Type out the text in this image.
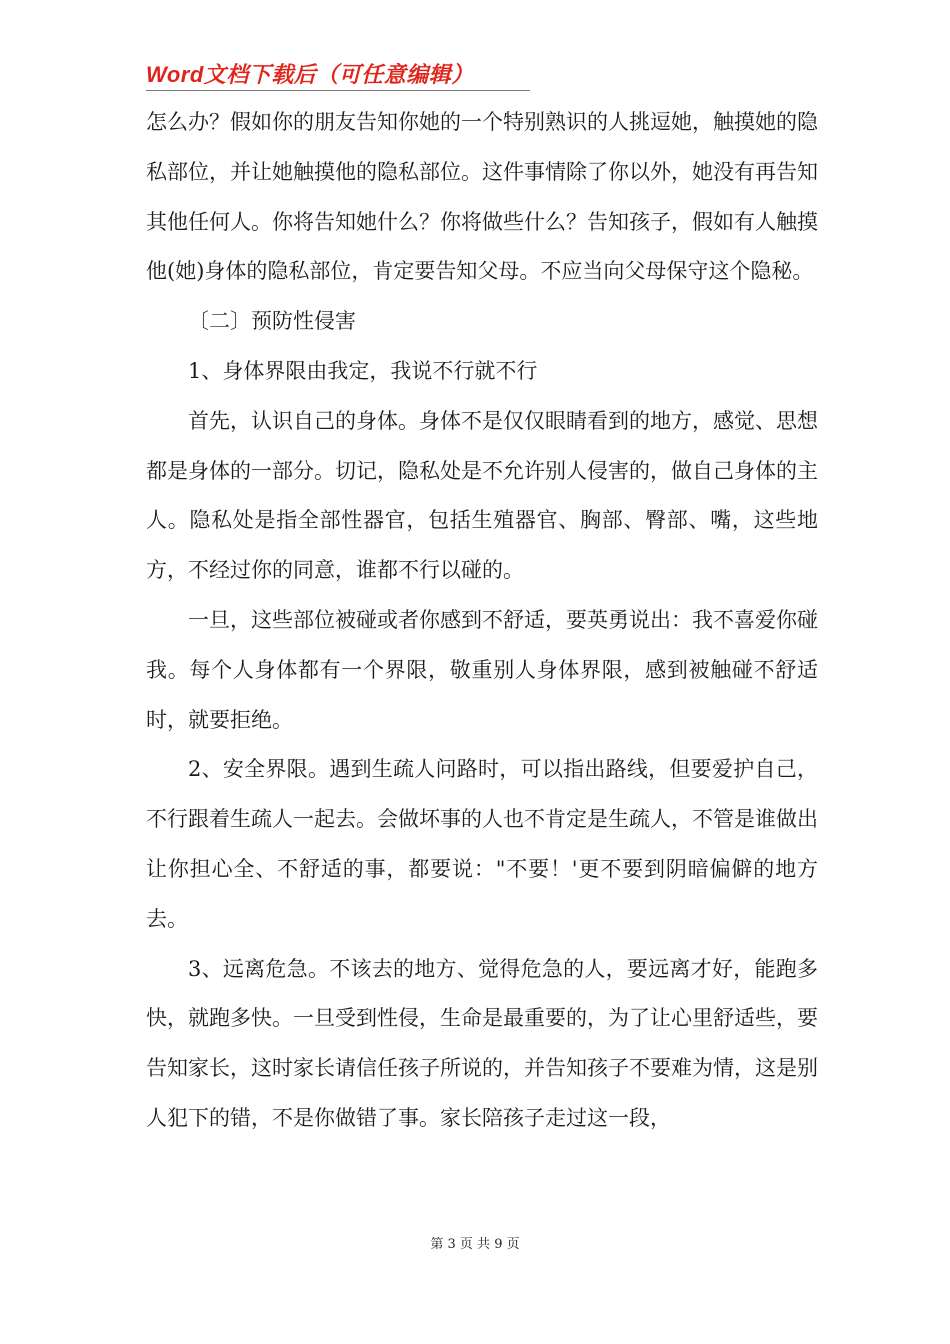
Word文档下载后（可任意编辑）

怎么办？假如你的朋友告知你她的一个特别熟识的人挑逗她，触摸她的隐私部位，并让她触摸他的隐私部位。这件事情除了你以外，她没有再告知其他任何人。你将告知她什么？你将做些什么？告知孩子，假如有人触摸他(她)身体的隐私部位，肯定要告知父母。不应当向父母保守这个隐秘。

〔二〕预防性侵害

1、身体界限由我定，我说不行就不行

首先，认识自己的身体。身体不是仅仅眼睛看到的地方，感觉、思想都是身体的一部分。切记，隐私处是不允许别人侵害的，做自己身体的主人。隐私处是指全部性器官，包括生殖器官、胸部、臀部、嘴，这些地方，不经过你的同意，谁都不行以碰的。

一旦，这些部位被碰或者你感到不舒适，要英勇说出：我不喜爱你碰我。每个人身体都有一个界限，敬重别人身体界限，感到被触碰不舒适时，就要拒绝。

2、安全界限。遇到生疏人问路时，可以指出路线，但要爱护自己，不行跟着生疏人一起去。会做坏事的人也不肯定是生疏人，不管是谁做出让你担心全、不舒适的事，都要说："不要！'更不要到阴暗偏僻的地方去。

3、远离危急。不该去的地方、觉得危急的人，要远离才好，能跑多快，就跑多快。一旦受到性侵，生命是最重要的，为了让心里舒适些，要告知家长，这时家长请信任孩子所说的，并告知孩子不要难为情，这是别人犯下的错，不是你做错了事。家长陪孩子走过这一段，

第 3 页 共 9 页
